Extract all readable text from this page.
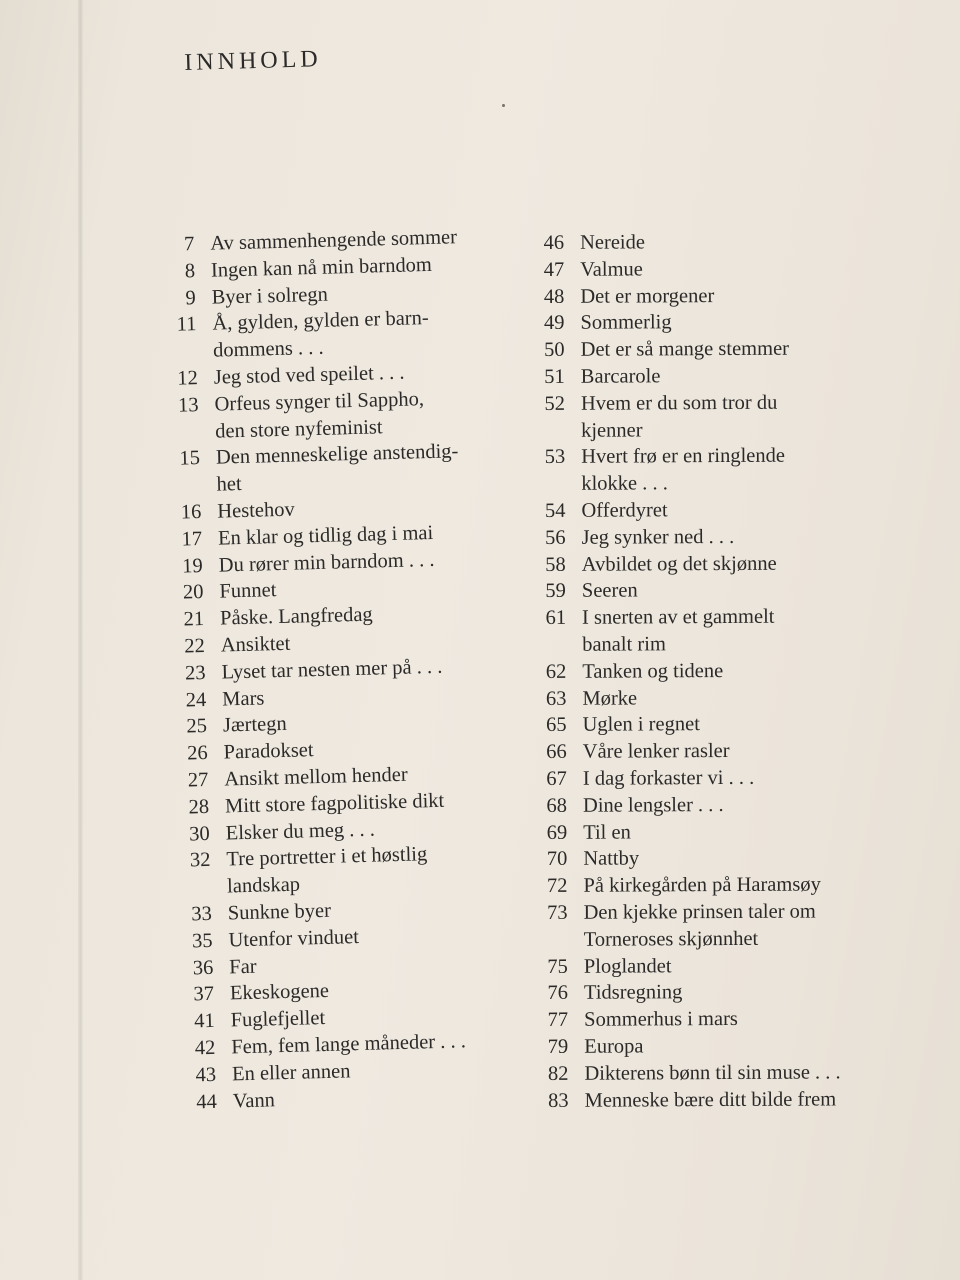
INNHOLD
7 Av sammenhengende sommer
8 Ingen kan nå min barndom
9 Byer i solregn
11 Å, gylden, gylden er barn-
dommens . . .
12 Jeg stod ved speilet . . .
13 Orfeus synger til Sappho,
den store nyfeminist
15 Den menneskelige anstendig-
het
16 Hestehov
17 En klar og tidlig dag i mai
19 Du rører min barndom . . .
20 Funnet
21 Påske. Langfredag
22 Ansiktet
23 Lyset tar nesten mer på . . .
24 Mars
25 Jærtegn
26 Paradokset
27 Ansikt mellom hender
28 Mitt store fagpolitiske dikt
30 Elsker du meg . . .
32 Tre portretter i et høstlig
landskap
33 Sunkne byer
35 Utenfor vinduet
36 Far
37 Ekeskogene
41 Fuglefjellet
42 Fem, fem lange måneder . . .
43 En eller annen
44 Vann
46 Nereide
47 Valmue
48 Det er morgener
49 Sommerlig
50 Det er så mange stemmer
51 Barcarole
52 Hvem er du som tror du
kjenner
53 Hvert frø er en ringlende
klokke . . .
54 Offerdyret
56 Jeg synker ned . . .
58 Avbildet og det skjønne
59 Seeren
61 I snerten av et gammelt
banalt rim
62 Tanken og tidene
63 Mørke
65 Uglen i regnet
66 Våre lenker rasler
67 I dag forkaster vi . . .
68 Dine lengsler . . .
69 Til en
70 Nattby
72 På kirkegården på Haramsøy
73 Den kjekke prinsen taler om
Torneroses skjønnhet
75 Ploglandet
76 Tidsregning
77 Sommerhus i mars
79 Europa
82 Dikterens bønn til sin muse . . .
83 Menneske bære ditt bilde frem
